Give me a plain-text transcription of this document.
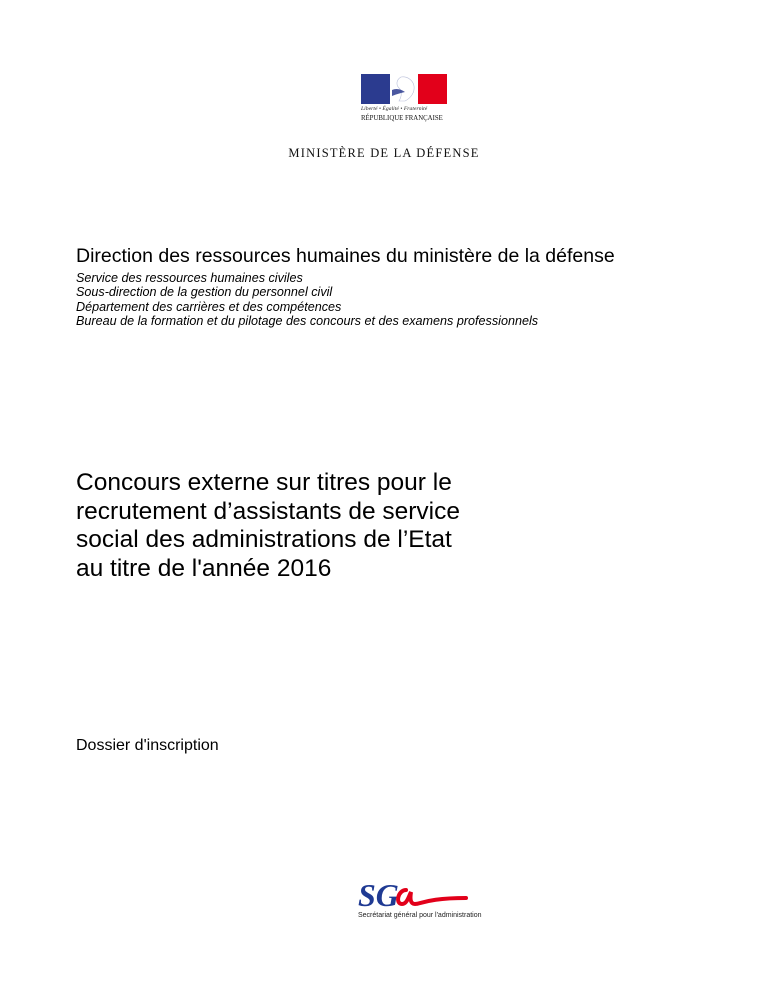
Liberté • Égalité • Fraternité
RÉPUBLIQUE FRANÇAISE
MINISTÈRE DE LA DÉFENSE
Direction des ressources humaines du ministère de la défense
Service des ressources humaines civiles
Sous-direction de la gestion du personnel civil
Département des carrières et des compétences
Bureau de la formation et du pilotage des concours et des examens professionnels
Concours externe sur titres pour le
recrutement d’assistants de service
social des administrations de l’Etat
au titre de l'année 2016
Dossier d'inscription
SG
Secrétariat général pour l'administration
